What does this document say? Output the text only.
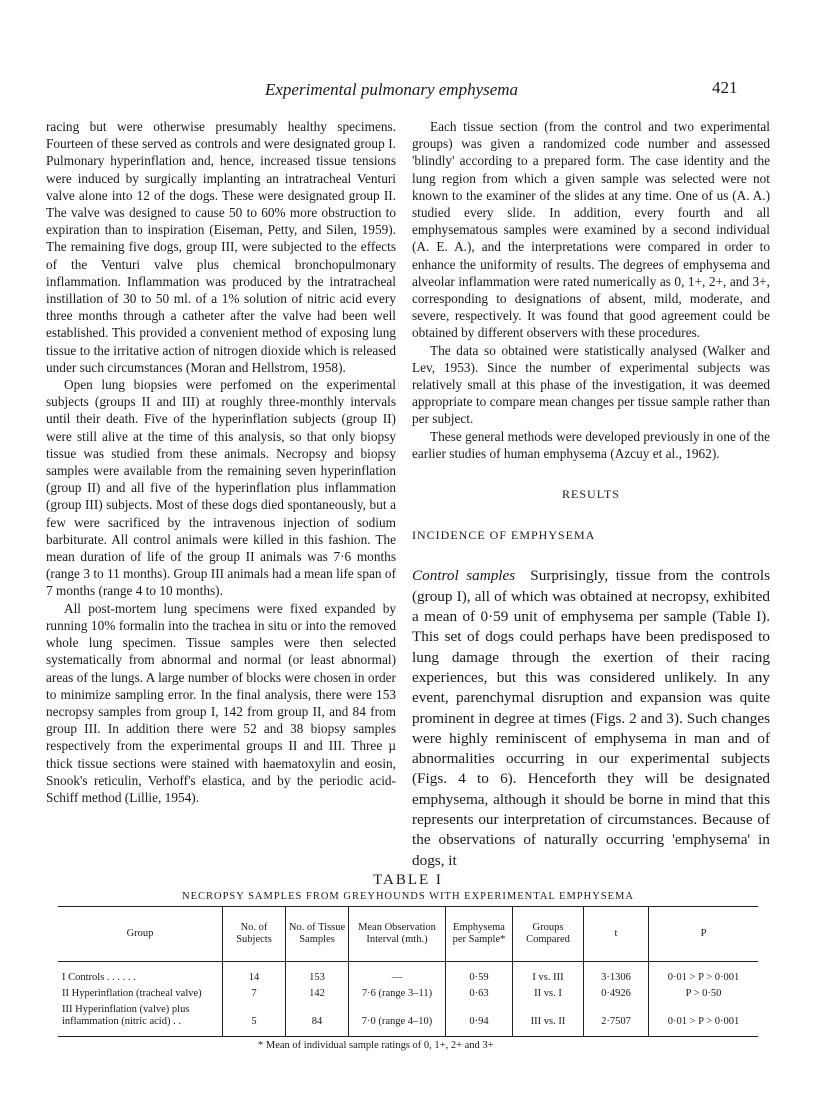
Experimental pulmonary emphysema	421

racing but were otherwise presumably healthy specimens. Fourteen of these served as controls and were designated group I. Pulmonary hyperinflation and, hence, increased tissue tensions were induced by surgically implanting an intratracheal Venturi valve alone into 12 of the dogs. These were designated group II. The valve was designed to cause 50 to 60% more obstruction to expiration than to inspiration (Eiseman, Petty, and Silen, 1959). The remaining five dogs, group III, were subjected to the effects of the Venturi valve plus chemical bronchopulmonary inflammation. Inflammation was produced by the intratracheal instillation of 30 to 50 ml. of a 1% solution of nitric acid every three months through a catheter after the valve had been well established. This provided a convenient method of exposing lung tissue to the irritative action of nitrogen dioxide which is released under such circumstances (Moran and Hellstrom, 1958).

Open lung biopsies were perfomed on the experimental subjects (groups II and III) at roughly three-monthly intervals until their death. Five of the hyperinflation subjects (group II) were still alive at the time of this analysis, so that only biopsy tissue was studied from these animals. Necropsy and biopsy samples were available from the remaining seven hyperinflation (group II) and all five of the hyperinflation plus inflammation (group III) subjects. Most of these dogs died spontaneously, but a few were sacrificed by the intravenous injection of sodium barbiturate. All control animals were killed in this fashion. The mean duration of life of the group II animals was 7·6 months (range 3 to 11 months). Group III animals had a mean life span of 7 months (range 4 to 10 months).

All post-mortem lung specimens were fixed expanded by running 10% formalin into the trachea in situ or into the removed whole lung specimen. Tissue samples were then selected systematically from abnormal and normal (or least abnormal) areas of the lungs. A large number of blocks were chosen in order to minimize sampling error. In the final analysis, there were 153 necropsy samples from group I, 142 from group II, and 84 from group III. In addition there were 52 and 38 biopsy samples respectively from the experimental groups II and III. Three µ thick tissue sections were stained with haematoxylin and eosin, Snook's reticulin, Verhoff's elastica, and by the periodic acid-Schiff method (Lillie, 1954).

Each tissue section (from the control and two experimental groups) was given a randomized code number and assessed 'blindly' according to a prepared form. The case identity and the lung region from which a given sample was selected were not known to the examiner of the slides at any time. One of us (A. A.) studied every slide. In addition, every fourth and all emphysematous samples were examined by a second individual (A. E. A.), and the interpretations were compared in order to enhance the uniformity of results. The degrees of emphysema and alveolar inflammation were rated numerically as 0, 1+, 2+, and 3+, corresponding to designations of absent, mild, moderate, and severe, respectively. It was found that good agreement could be obtained by different observers with these procedures.

The data so obtained were statistically analysed (Walker and Lev, 1953). Since the number of experimental subjects was relatively small at this phase of the investigation, it was deemed appropriate to compare mean changes per tissue sample rather than per subject.

These general methods were developed previously in one of the earlier studies of human emphysema (Azcuy et al., 1962).

RESULTS
INCIDENCE OF EMPHYSEMA

Control samples Surprisingly, tissue from the controls (group I), all of which was obtained at necropsy, exhibited a mean of 0·59 unit of emphysema per sample (Table I). This set of dogs could perhaps have been predisposed to lung damage through the exertion of their racing experiences, but this was considered unlikely. In any event, parenchymal disruption and expansion was quite prominent in degree at times (Figs. 2 and 3). Such changes were highly reminiscent of emphysema in man and of abnormalities occurring in our experimental subjects (Figs. 4 to 6). Henceforth they will be designated emphysema, although it should be borne in mind that this represents our interpretation of circumstances. Because of the observations of naturally occurring 'emphysema' in dogs, it

TABLE I
NECROPSY SAMPLES FROM GREYHOUNDS WITH EXPERIMENTAL EMPHYSEMA
Group	No. of Subjects	No. of Tissue Samples	Mean Observation Interval (mth.)	Emphysema per Sample*	Groups Compared	t	P
I Controls . . . . . .	14	153	—	0·59	I vs. III	3·1306	0·01 > P > 0·001
II Hyperinflation (tracheal valve)	7	142	7·6 (range 3–11)	0·63	II vs. I	0·4926	P > 0·50
III Hyperinflation (valve) plus inflammation (nitric acid) . .	5	84	7·0 (range 4–10)	0·94	III vs. II	2·7507	0·01 > P > 0·001
* Mean of individual sample ratings of 0, 1+, 2+ and 3+
